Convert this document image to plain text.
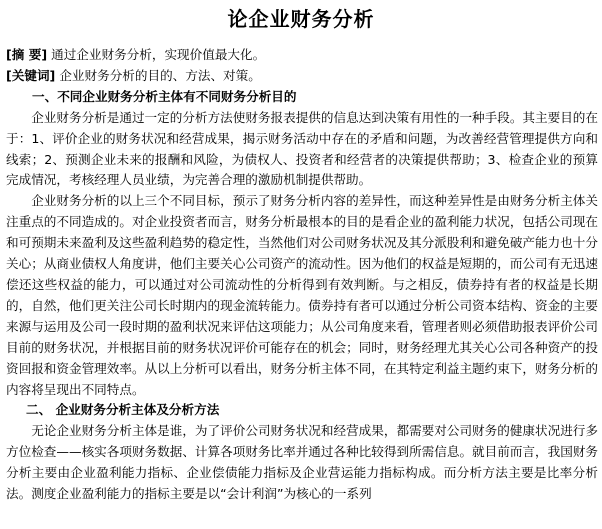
论企业财务分析

[摘 要] 通过企业财务分析，实现价值最大化。

[关键词] 企业财务分析的目的、方法、对策。

一、不同企业财务分析主体有不同财务分析目的

企业财务分析是通过一定的分析方法使财务报表提供的信息达到决策有用性的一种手段。其主要目的在于：1、评价企业的财务状况和经营成果，揭示财务活动中存在的矛盾和问题，为改善经营管理提供方向和线索；2、预测企业未来的报酬和风险，为债权人、投资者和经营者的决策提供帮助；3、检查企业的预算完成情况，考核经理人员业绩，为完善合理的激励机制提供帮助。

企业财务分析的以上三个不同目标，预示了财务分析内容的差异性，而这种差异性是由财务分析主体关注重点的不同造成的。对企业投资者而言，财务分析最根本的目的是看企业的盈利能力状况，包括公司现在和可预期未来盈利及这些盈利趋势的稳定性，当然他们对公司财务状况及其分派股利和避免破产能力也十分关心；从商业债权人角度讲，他们主要关心公司资产的流动性。因为他们的权益是短期的，而公司有无迅速偿还这些权益的能力，可以通过对公司流动性的分析得到有效判断。与之相反，债券持有者的权益是长期的，自然，他们更关注公司长时期内的现金流转能力。债券持有者可以通过分析公司资本结构、资金的主要来源与运用及公司一段时期的盈利状况来评估这项能力；从公司角度来看，管理者则必须借助报表评价公司目前的财务状况，并根据目前的财务状况评价可能存在的机会；同时，财务经理尤其关心公司各种资产的投资回报和资金管理效率。从以上分析可以看出，财务分析主体不同，在其特定利益主题约束下，财务分析的内容将呈现出不同特点。

二、 企业财务分析主体及分析方法

无论企业财务分析主体是谁，为了评价公司财务状况和经营成果，都需要对公司财务的健康状况进行多方位检查——核实各项财务数据、计算各项财务比率并通过各种比较得到所需信息。就目前而言，我国财务分析主要由企业盈利能力指标、企业偿债能力指标及企业营运能力指标构成。而分析方法主要是比率分析法。测度企业盈利能力的指标主要是以“会计利润”为核心的一系列
